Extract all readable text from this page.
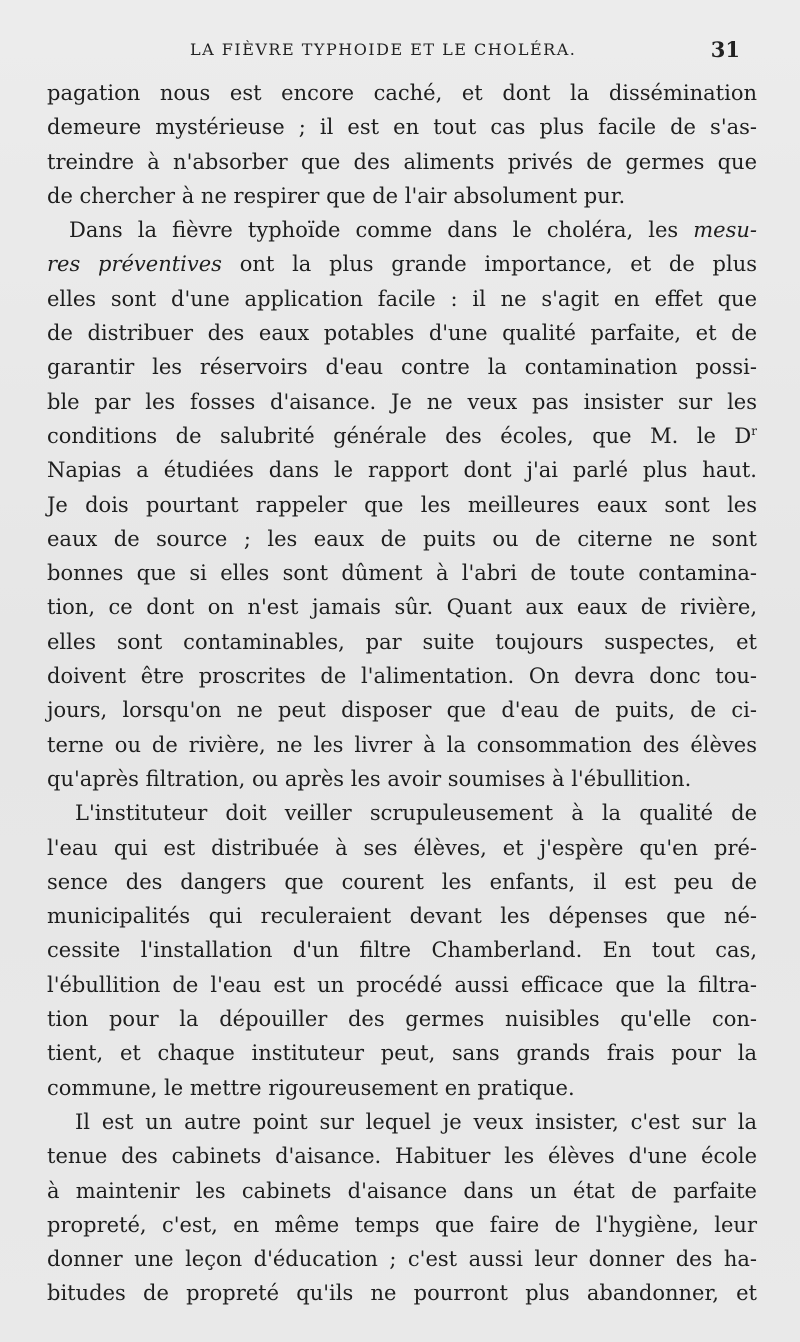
LA FIÈVRE TYPHOIDE ET LE CHOLÉRA.	31
pagation nous est encore caché, et dont la dissémination
demeure mystérieuse ; il est en tout cas plus facile de s'as-
treindre à n'absorber que des aliments privés de germes que
de chercher à ne respirer que de l'air absolument pur.
Dans la fièvre typhoïde comme dans le choléra, les mesu-
res préventives ont la plus grande importance, et de plus
elles sont d'une application facile : il ne s'agit en effet que
de distribuer des eaux potables d'une qualité parfaite, et de
garantir les réservoirs d'eau contre la contamination possi-
ble par les fosses d'aisance. Je ne veux pas insister sur les
conditions de salubrité générale des écoles, que M. le $D^r$
Napias a étudiées dans le rapport dont j'ai parlé plus haut.
Je dois pourtant rappeler que les meilleures eaux sont les
eaux de source ; les eaux de puits ou de citerne ne sont
bonnes que si elles sont dûment à l'abri de toute contamina-
tion, ce dont on n'est jamais sûr. Quant aux eaux de rivière,
elles sont contaminables, par suite toujours suspectes, et
doivent être proscrites de l'alimentation. On devra donc tou-
jours, lorsqu'on ne peut disposer que d'eau de puits, de ci-
terne ou de rivière, ne les livrer à la consommation des élèves
qu'après filtration, ou après les avoir soumises à l'ébullition.
L'instituteur doit veiller scrupuleusement à la qualité de
l'eau qui est distribuée à ses élèves, et j'espère qu'en pré-
sence des dangers que courent les enfants, il est peu de
municipalités qui reculeraient devant les dépenses que né-
cessite l'installation d'un filtre Chamberland. En tout cas,
l'ébullition de l'eau est un procédé aussi efficace que la filtra-
tion pour la dépouiller des germes nuisibles qu'elle con-
tient, et chaque instituteur peut, sans grands frais pour la
commune, le mettre rigoureusement en pratique.
Il est un autre point sur lequel je veux insister, c'est sur la
tenue des cabinets d'aisance. Habituer les élèves d'une école
à maintenir les cabinets d'aisance dans un état de parfaite
propreté, c'est, en même temps que faire de l'hygiène, leur
donner une leçon d'éducation ; c'est aussi leur donner des ha-
bitudes de propreté qu'ils ne pourront plus abandonner, et
